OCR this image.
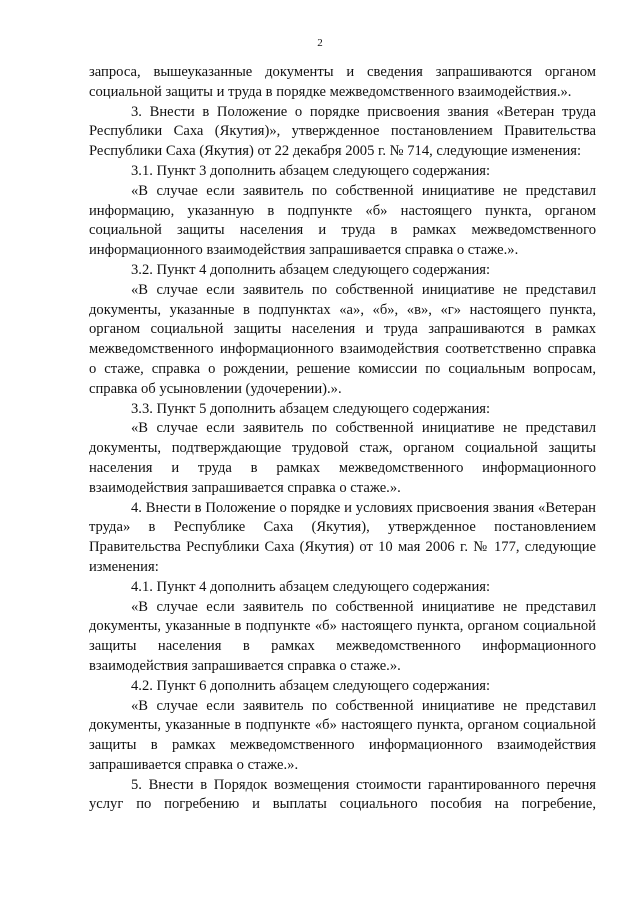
2

запроса, вышеуказанные документы и сведения запрашиваются органом социальной защиты и труда в порядке межведомственного взаимодействия.».

3. Внести в Положение о порядке присвоения звания «Ветеран труда Республики Саха (Якутия)», утвержденное постановлением Правительства Республики Саха (Якутия) от 22 декабря 2005 г. № 714, следующие изменения:

3.1. Пункт 3 дополнить абзацем следующего содержания:

«В случае если заявитель по собственной инициативе не представил информацию, указанную в подпункте «б» настоящего пункта, органом социальной защиты населения и труда в рамках межведомственного информационного взаимодействия запрашивается справка о стаже.».

3.2. Пункт 4 дополнить абзацем следующего содержания:

«В случае если заявитель по собственной инициативе не представил документы, указанные в подпунктах «а», «б», «в», «г» настоящего пункта, органом социальной защиты населения и труда запрашиваются в рамках межведомственного информационного взаимодействия соответственно справка о стаже, справка о рождении, решение комиссии по социальным вопросам, справка об усыновлении (удочерении).».

3.3. Пункт 5 дополнить абзацем следующего содержания:

«В случае если заявитель по собственной инициативе не представил документы, подтверждающие трудовой стаж, органом социальной защиты населения и труда в рамках межведомственного информационного взаимодействия запрашивается справка о стаже.».

4. Внести в Положение о порядке и условиях присвоения звания «Ветеран труда» в Республике Саха (Якутия), утвержденное постановлением Правительства Республики Саха (Якутия) от 10 мая 2006 г. № 177, следующие изменения:

4.1. Пункт 4 дополнить абзацем следующего содержания:

«В случае если заявитель по собственной инициативе не представил документы, указанные в подпункте «б» настоящего пункта, органом социальной защиты населения в рамках межведомственного информационного взаимодействия запрашивается справка о стаже.».

4.2. Пункт 6 дополнить абзацем следующего содержания:

«В случае если заявитель по собственной инициативе не представил документы, указанные в подпункте «б» настоящего пункта, органом социальной защиты в рамках межведомственного информационного взаимодействия запрашивается справка о стаже.».

5. Внести в Порядок возмещения стоимости гарантированного перечня услуг по погребению и выплаты социального пособия на погребение,
